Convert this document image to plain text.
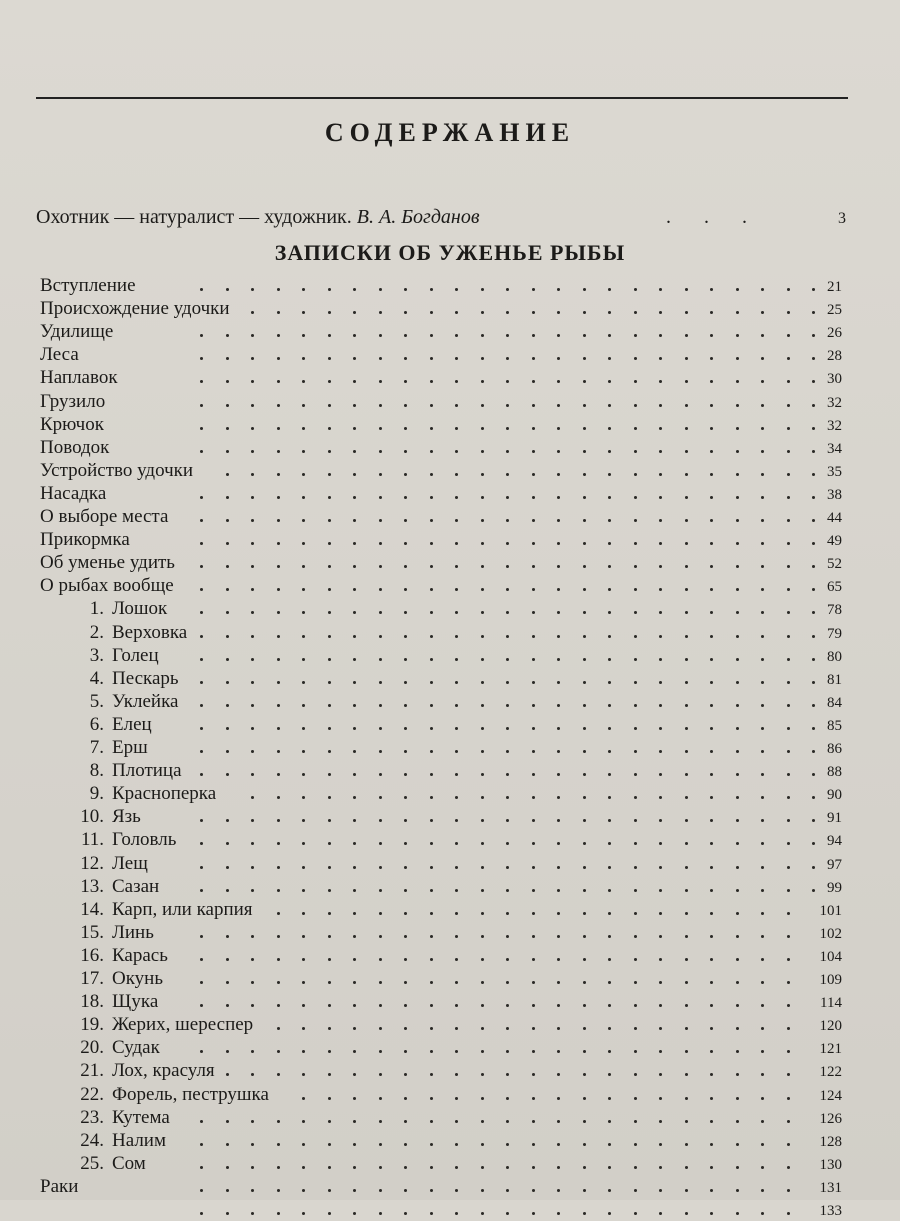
СОДЕРЖАНИЕ
Охотник — натуралист — художник. В. А. Богданов	. . .	3
ЗАПИСКИ ОБ УЖЕНЬЕ РЫБЫ
Вступление	21
Происхождение удочки	25
Удилище	26
Леса	28
Наплавок	30
Грузило	32
Крючок	32
Поводок	34
Устройство удочки	35
Насадка	38
О выборе места	44
Прикормка	49
Об уменье удить	52
О рыбах вообще	65
1. Лошок	78
2. Верховка	79
3. Голец	80
4. Пескарь	81
5. Уклейка	84
6. Елец	85
7. Ерш	86
8. Плотица	88
9. Красноперка	90
10. Язь	91
11. Головль	94
12. Лещ	97
13. Сазан	99
14. Карп, или карпия	101
15. Линь	102
16. Карась	104
17. Окунь	109
18. Щука	114
19. Жерих, шереспер	120
20. Судак	121
21. Лох, красуля	122
22. Форель, пеструшка	124
23. Кутема	126
24. Налим	128
25. Сом	130
Раки	131
133
